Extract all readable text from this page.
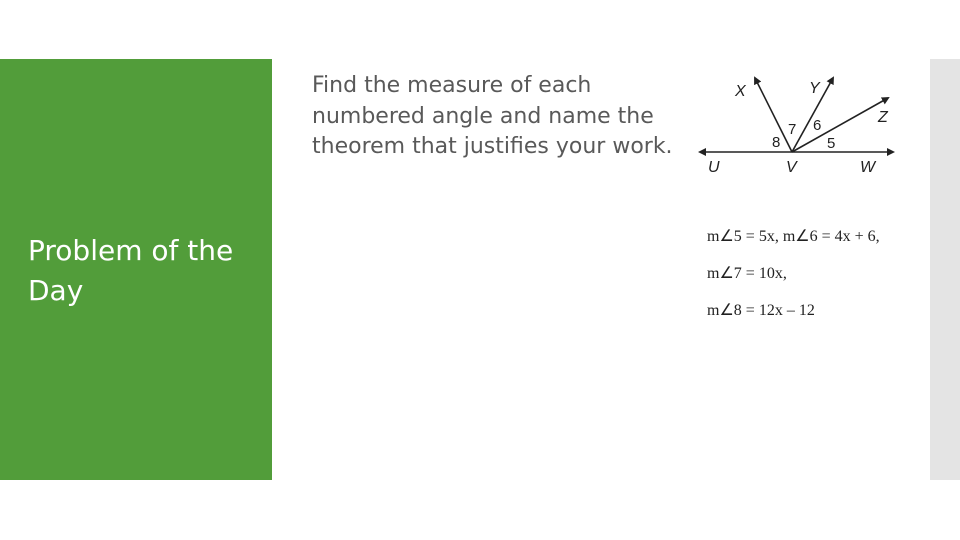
Problem of the Day
Find the measure of each
numbered angle and name the
theorem that justifies your work.
X	Y
Z
U	V	W
8
7 6
5
m∠5 = 5x, m∠6 = 4x + 6,
m∠7 = 10x,
m∠8 = 12x – 12
